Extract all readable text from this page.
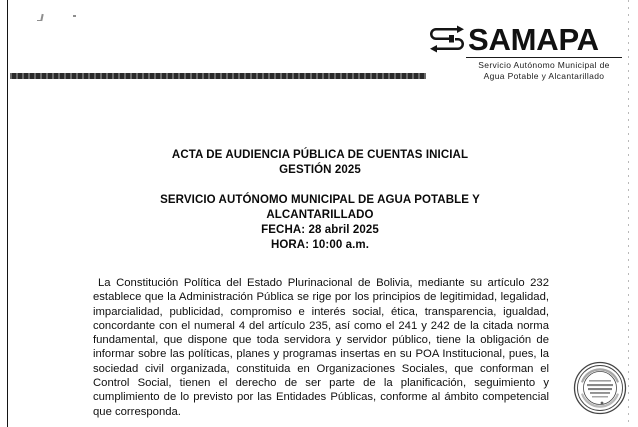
SAMAPA
Servicio Autónomo Municipal de
Agua Potable y Alcantarillado
ACTA DE AUDIENCIA PÚBLICA DE CUENTAS INICIAL
GESTIÓN 2025
SERVICIO AUTÓNOMO MUNICIPAL DE AGUA POTABLE Y
ALCANTARILLADO
FECHA: 28 abril 2025
HORA: 10:00 a.m.

La Constitución Política del Estado Plurinacional de Bolivia, mediante su artículo 232 establece que la Administración Pública se rige por los principios de legitimidad, legalidad, imparcialidad, publicidad, compromiso e interés social, ética, transparencia, igualdad, concordante con el numeral 4 del artículo 235, así como el 241 y 242 de la citada norma fundamental, que dispone que toda servidora y servidor público, tiene la obligación de informar sobre las políticas, planes y programas insertas en su POA Institucional, pues, la sociedad civil organizada, constituida en Organizaciones Sociales, que conforman el Control Social, tienen el derecho de ser parte de la planificación, seguimiento y cumplimiento de lo previsto por las Entidades Públicas, conforme al ámbito competencial que corresponda.
